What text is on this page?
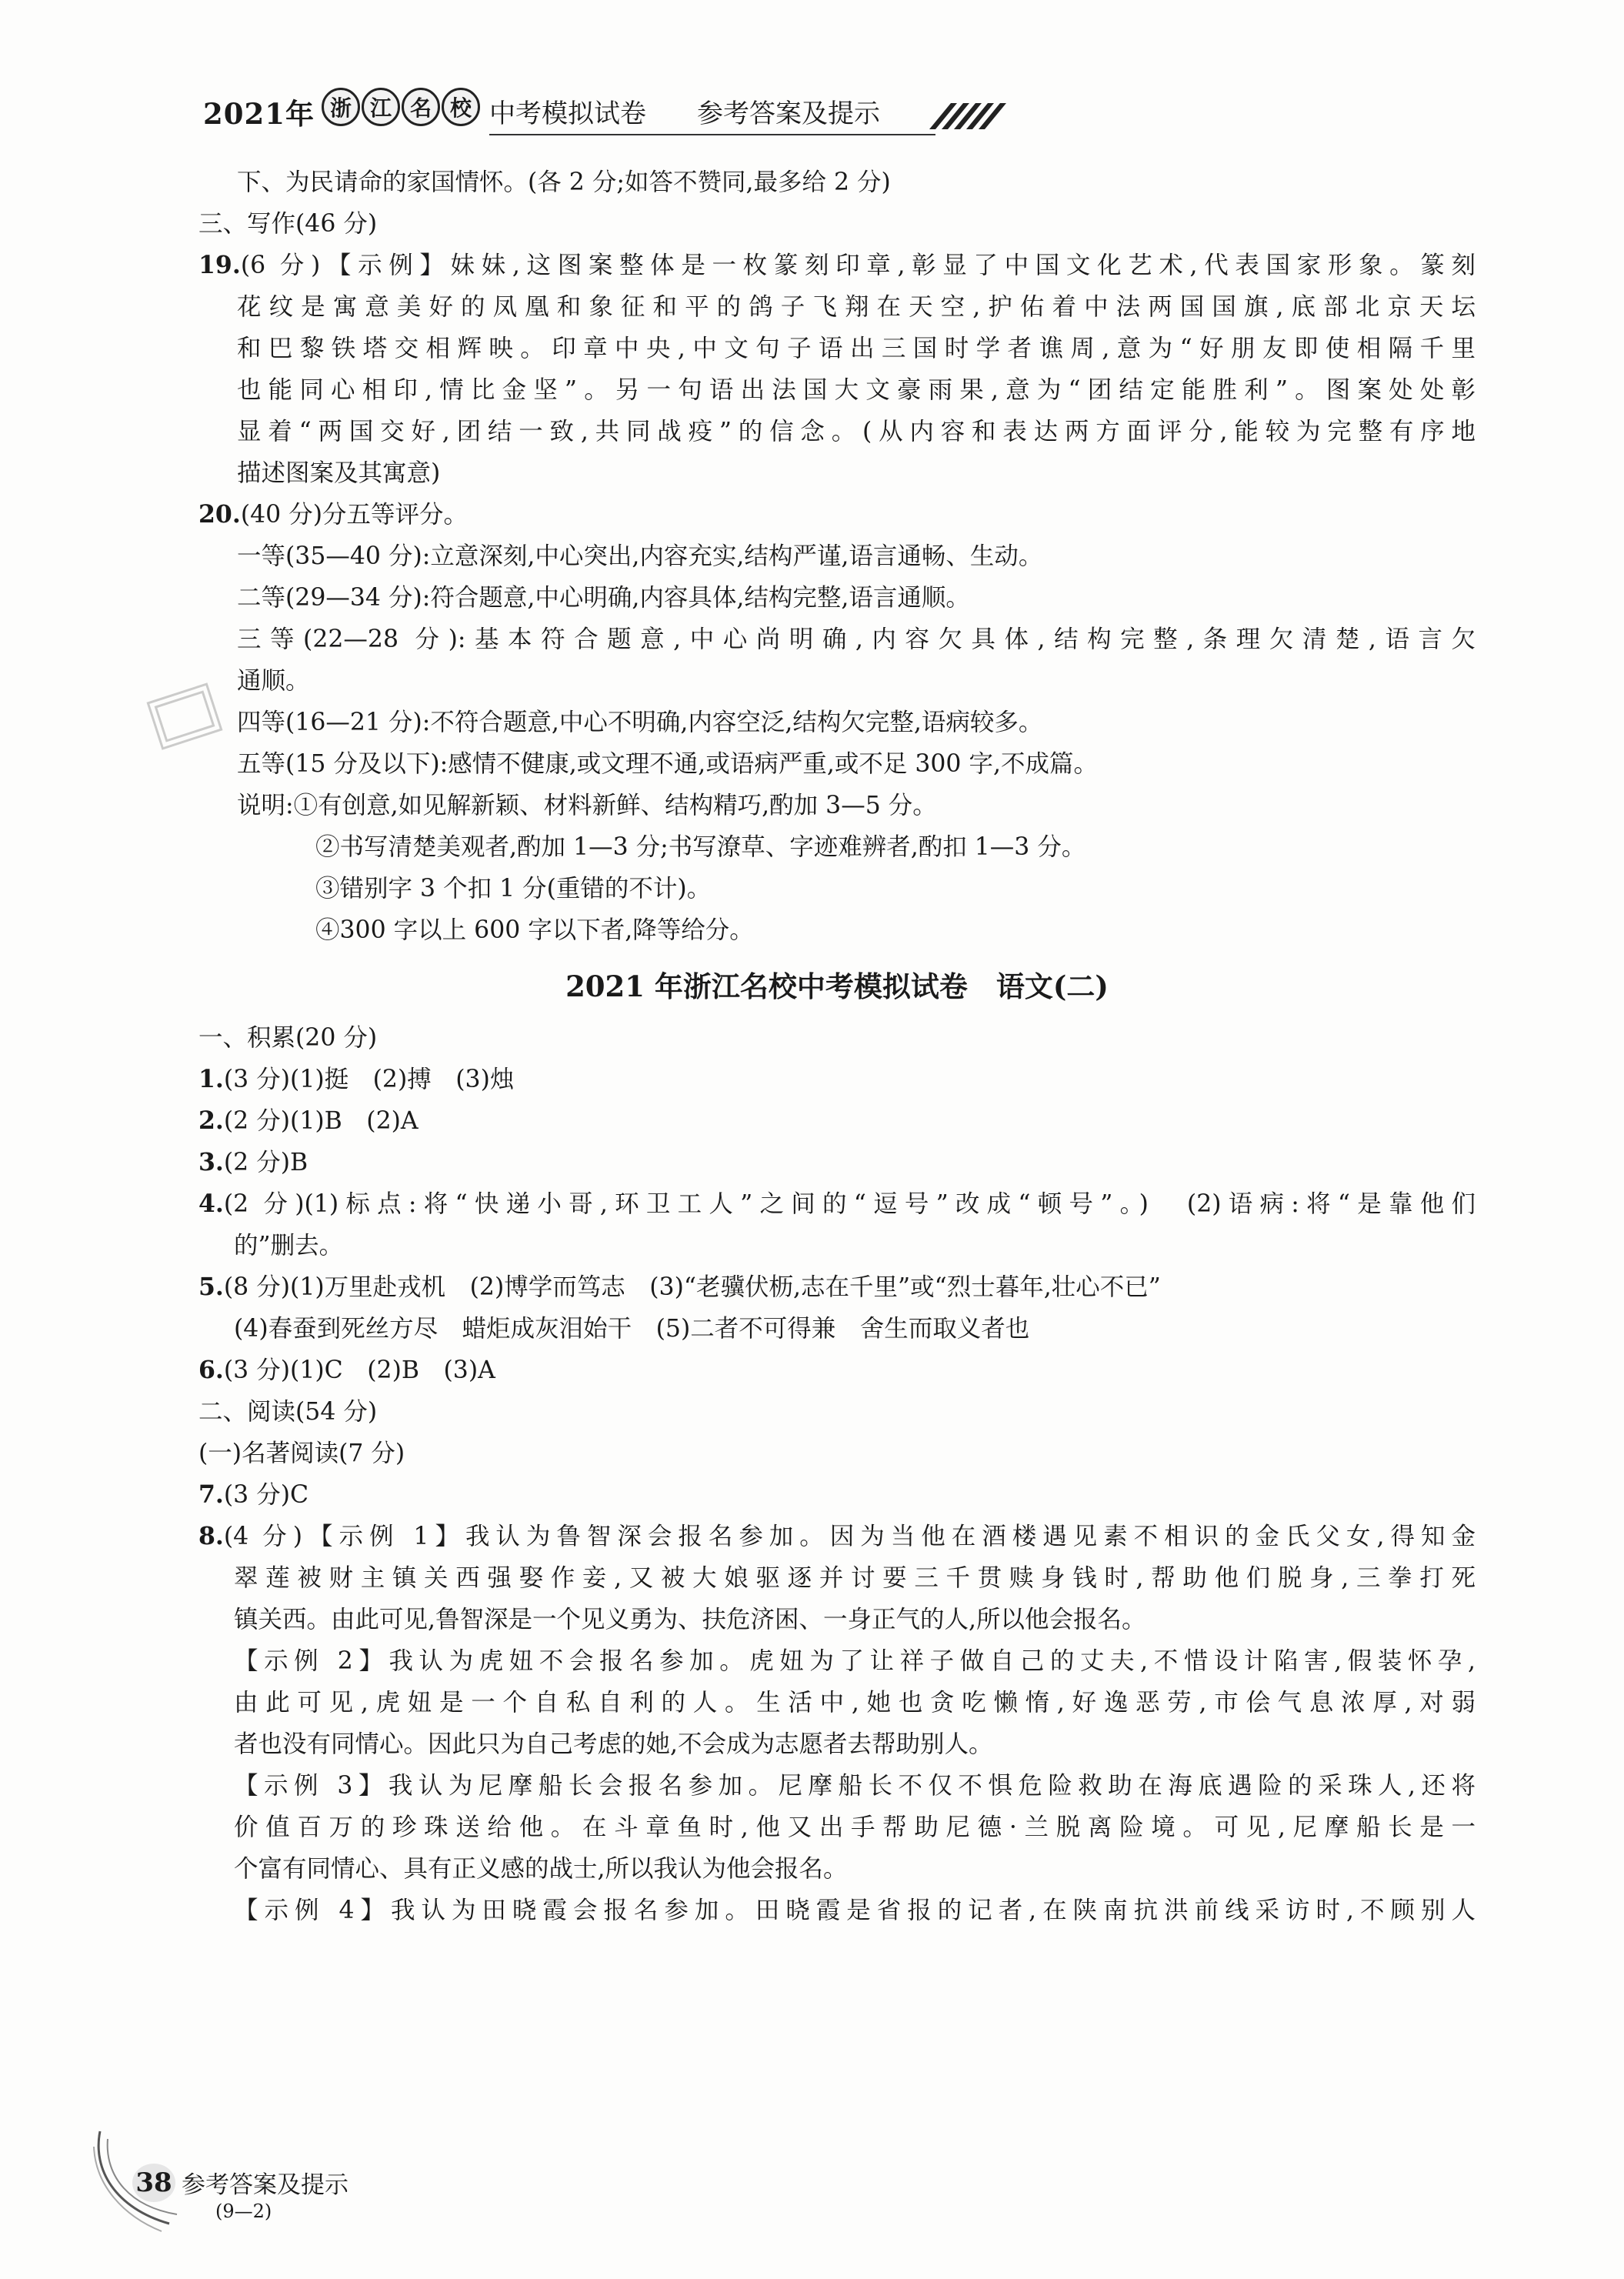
2021年 浙 江 名 校 中考模拟试卷 参考答案及提示
下、为民请命的家国情怀。(各 2 分;如答不赞同,最多给 2 分)
三、写作(46 分)
19.(6 分)【示例】妹妹,这图案整体是一枚篆刻印章,彰显了中国文化艺术,代表国家形象。篆刻
花纹是寓意美好的凤凰和象征和平的鸽子飞翔在天空,护佑着中法两国国旗,底部北京天坛
和巴黎铁塔交相辉映。印章中央,中文句子语出三国时学者谯周,意为“好朋友即使相隔千里
也能同心相印,情比金坚”。另一句语出法国大文豪雨果,意为“团结定能胜利”。图案处处彰
显着“两国交好,团结一致,共同战疫”的信念。(从内容和表达两方面评分,能较为完整有序地
描述图案及其寓意)
20.(40 分)分五等评分。
一等(35—40 分):立意深刻,中心突出,内容充实,结构严谨,语言通畅、生动。
二等(29—34 分):符合题意,中心明确,内容具体,结构完整,语言通顺。
三等(22—28 分):基本符合题意,中心尚明确,内容欠具体,结构完整,条理欠清楚,语言欠
通顺。
四等(16—21 分):不符合题意,中心不明确,内容空泛,结构欠完整,语病较多。
五等(15 分及以下):感情不健康,或文理不通,或语病严重,或不足 300 字,不成篇。
说明:①有创意,如见解新颖、材料新鲜、结构精巧,酌加 3—5 分。
②书写清楚美观者,酌加 1—3 分;书写潦草、字迹难辨者,酌扣 1—3 分。
③错别字 3 个扣 1 分(重错的不计)。
④300 字以上 600 字以下者,降等给分。
2021 年浙江名校中考模拟试卷　语文(二)
一、积累(20 分)
1.(3 分)(1)挺　(2)搏　(3)烛
2.(2 分)(1)B　(2)A
3.(2 分)B
4.(2 分)(1)标点:将“快递小哥,环卫工人”之间的“逗号”改成“顿号”。)　(2)语病:将“是靠他们
的”删去。
5.(8 分)(1)万里赴戎机　(2)博学而笃志　(3)“老骥伏枥,志在千里”或“烈士暮年,壮心不已”
(4)春蚕到死丝方尽　蜡炬成灰泪始干　(5)二者不可得兼　舍生而取义者也
6.(3 分)(1)C　(2)B　(3)A
二、阅读(54 分)
(一)名著阅读(7 分)
7.(3 分)C
8.(4 分)【示例 1】我认为鲁智深会报名参加。因为当他在酒楼遇见素不相识的金氏父女,得知金
翠莲被财主镇关西强娶作妾,又被大娘驱逐并讨要三千贯赎身钱时,帮助他们脱身,三拳打死
镇关西。由此可见,鲁智深是一个见义勇为、扶危济困、一身正气的人,所以他会报名。
【示例 2】我认为虎妞不会报名参加。虎妞为了让祥子做自己的丈夫,不惜设计陷害,假装怀孕,
由此可见,虎妞是一个自私自利的人。生活中,她也贪吃懒惰,好逸恶劳,市侩气息浓厚,对弱
者也没有同情心。因此只为自己考虑的她,不会成为志愿者去帮助别人。
【示例 3】我认为尼摩船长会报名参加。尼摩船长不仅不惧危险救助在海底遇险的采珠人,还将
价值百万的珍珠送给他。在斗章鱼时,他又出手帮助尼德·兰脱离险境。可见,尼摩船长是一
个富有同情心、具有正义感的战士,所以我认为他会报名。
【示例 4】我认为田晓霞会报名参加。田晓霞是省报的记者,在陕南抗洪前线采访时,不顾别人
38 参考答案及提示
(9—2)
